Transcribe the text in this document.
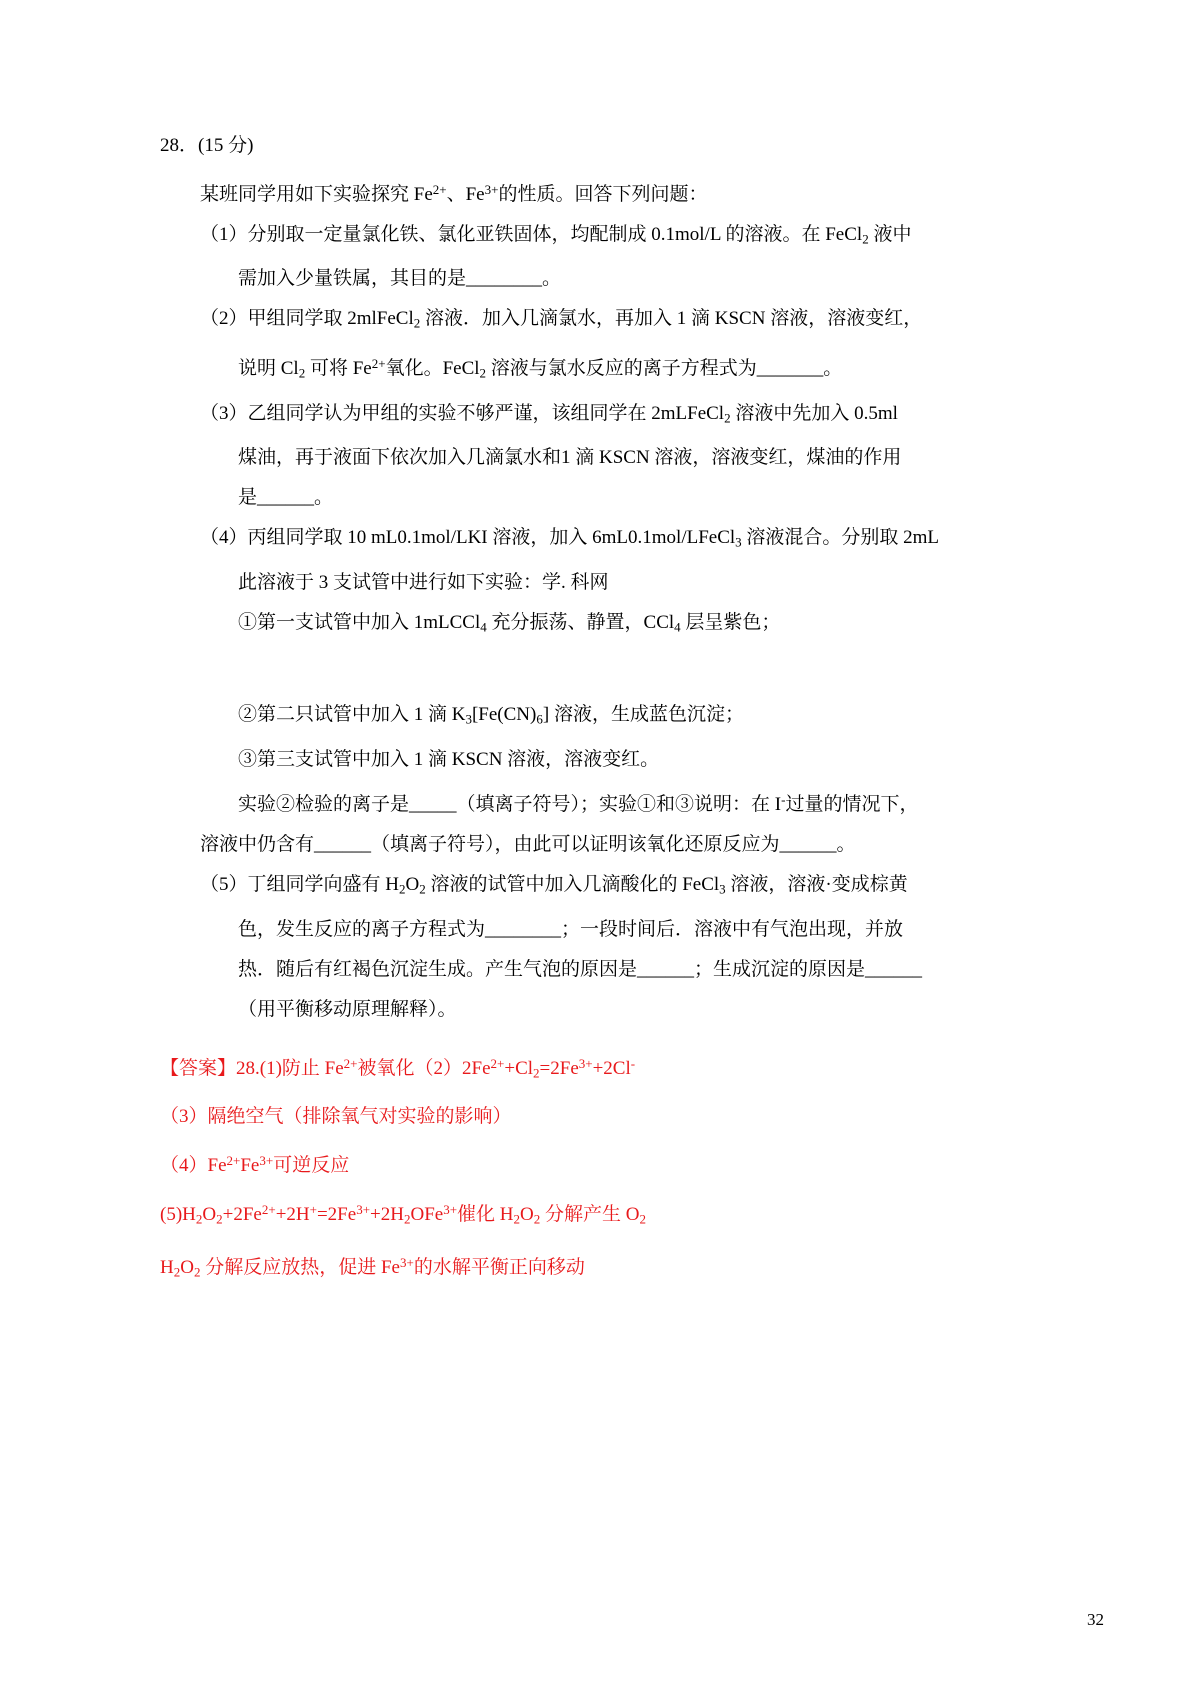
28．(15 分)
某班同学用如下实验探究 $Fe^{2+}$、$Fe^{3+}$的性质。回答下列问题：
（1）分别取一定量氯化铁、氯化亚铁固体，均配制成 0.1mol/L 的溶液。在 FeCl$_2$ 液中
需加入少量铁属，其目的是________。
（2）甲组同学取 2mlFeCl$_2$ 溶液．加入几滴氯水，再加入 1 滴 KSCN 溶液，溶液变红，
说明 $Cl_2$ 可将 $Fe^{2+}$氧化。FeCl$_2$ 溶液与氯水反应的离子方程式为_______。
（3）乙组同学认为甲组的实验不够严谨，该组同学在 2mLFeCl$_2$ 溶液中先加入 0.5ml
煤油，再于液面下依次加入几滴氯水和1 滴 KSCN 溶液，溶液变红，煤油的作用
是______。
（4）丙组同学取 10 mL0.1mol/LKI 溶液，加入 6mL0.1mol/LFeCl$_3$ 溶液混合。分别取 2mL
此溶液于 3 支试管中进行如下实验：学. 科网
①第一支试管中加入 1mLCCl$_4$ 充分振荡、静置，CCl$_4$ 层呈紫色；

②第二只试管中加入 1 滴 $K_3[Fe(CN)_6]$ 溶液，生成蓝色沉淀；
③第三支试管中加入 1 滴 KSCN 溶液，溶液变红。
实验②检验的离子是_____（填离子符号）；实验①和③说明：在 I-过量的情况下，
溶液中仍含有______（填离子符号），由此可以证明该氧化还原反应为______。
（5）丁组同学向盛有 $H_2O_2$ 溶液的试管中加入几滴酸化的 FeCl$_3$ 溶液，溶液·变成棕黄
色，发生反应的离子方程式为________；一段时间后．溶液中有气泡出现，并放
热．随后有红褐色沉淀生成。产生气泡的原因是______；生成沉淀的原因是______
（用平衡移动原理解释）。
【答案】28.(1)防止 $Fe^{2+}$被氧化$(2)2Fe^{2+}+Cl_2=2Fe^{3+}+2Cl^-$
（3）隔绝空气（排除氧气对实验的影响）
$(4)Fe^{2+}Fe^{3+}$可逆反应
$(5)H_2O_2+2Fe^{2+}+2H^+=2Fe^{3+}+2H_2OFe^{3+}$催化 $H_2O_2$ 分解产生 $O_2$
$H_2O_2$ 分解反应放热，促进 $Fe^{3+}$的水解平衡正向移动
32
